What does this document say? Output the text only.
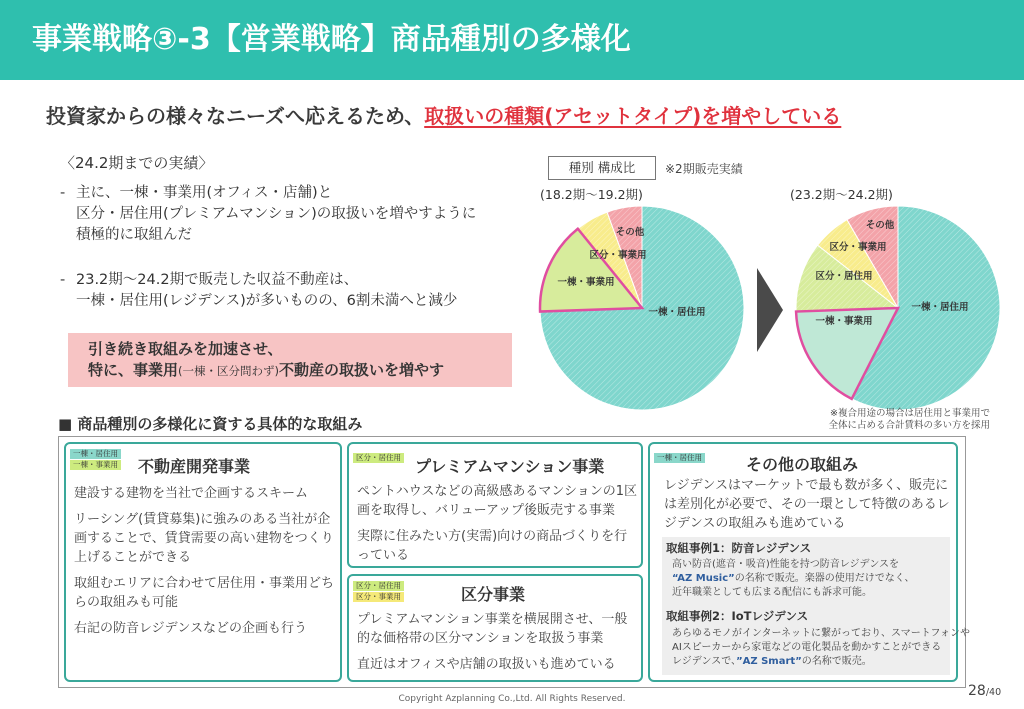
事業戦略③-3【営業戦略】商品種別の多様化
投資家からの様々なニーズへ応えるため、取扱いの種類(アセットタイプ)を増やしている
〈24.2期までの実績〉
- 主に、一棟・事業用(オフィス・店舗)と
区分・居住用(プレミアムマンション)の取扱いを増やすように
積極的に取組んだ
- 23.2期～24.2期で販売した収益不動産は、
一棟・居住用(レジデンス)が多いものの、6割未満へと減少
引き続き取組みを加速させ、
特に、事業用(一棟・区分問わず)不動産の取扱いを増やす
種別 構成比	※2期販売実績
(18.2期～19.2期)	(23.2期～24.2期)
一棟・居住用
一棟・事業用
区分・事業用
その他
一棟・居住用
一棟・事業用
区分・居住用
区分・事業用
その他
※複合用途の場合は居住用と事業用で
全体に占める合計賃料の多い方を採用
■ 商品種別の多様化に資する具体的な取組み
一棟・居住用
一棟・事業用 不動産開発事業

建設する建物を当社で企画するスキーム

リーシング(賃貸募集)に強みのある当社が企画することで、賃貸需要の高い建物をつくり上げることができる

取組むエリアに合わせて居住用・事業用どちらの取組みも可能

右記の防音レジデンスなどの企画も行う

区分・居住用 プレミアムマンション事業

ペントハウスなどの高級感あるマンションの1区画を取得し、バリューアップ後販売する事業

実際に住みたい方(実需)向けの商品づくりを行っている

区分・居住用
区分・事業用	区分事業

プレミアムマンション事業を横展開させ、一般的な価格帯の区分マンションを取扱う事業

直近はオフィスや店舗の取扱いも進めている

一棟・居住用	その他の取組み

レジデンスはマーケットで最も数が多く、販売には差別化が必要で、その一環として特徴のあるレジデンスの取組みも進めている

取組事例1：防音レジデンス
高い防音(遮音・吸音)性能を持つ防音レジデンスを
“AZ Music”の名称で販売。楽器の使用だけでなく、
近年職業としても広まる配信にも訴求可能。
取組事例2：IoTレジデンス
あらゆるモノがインターネットに繋がっており、スマートフォンや
AIスピーカーから家電などの電化製品を動かすことができる
レジデンスで、”AZ Smart”の名称で販売。
Copyright Azplanning Co.,Ltd. All Rights Reserved.	28/40
